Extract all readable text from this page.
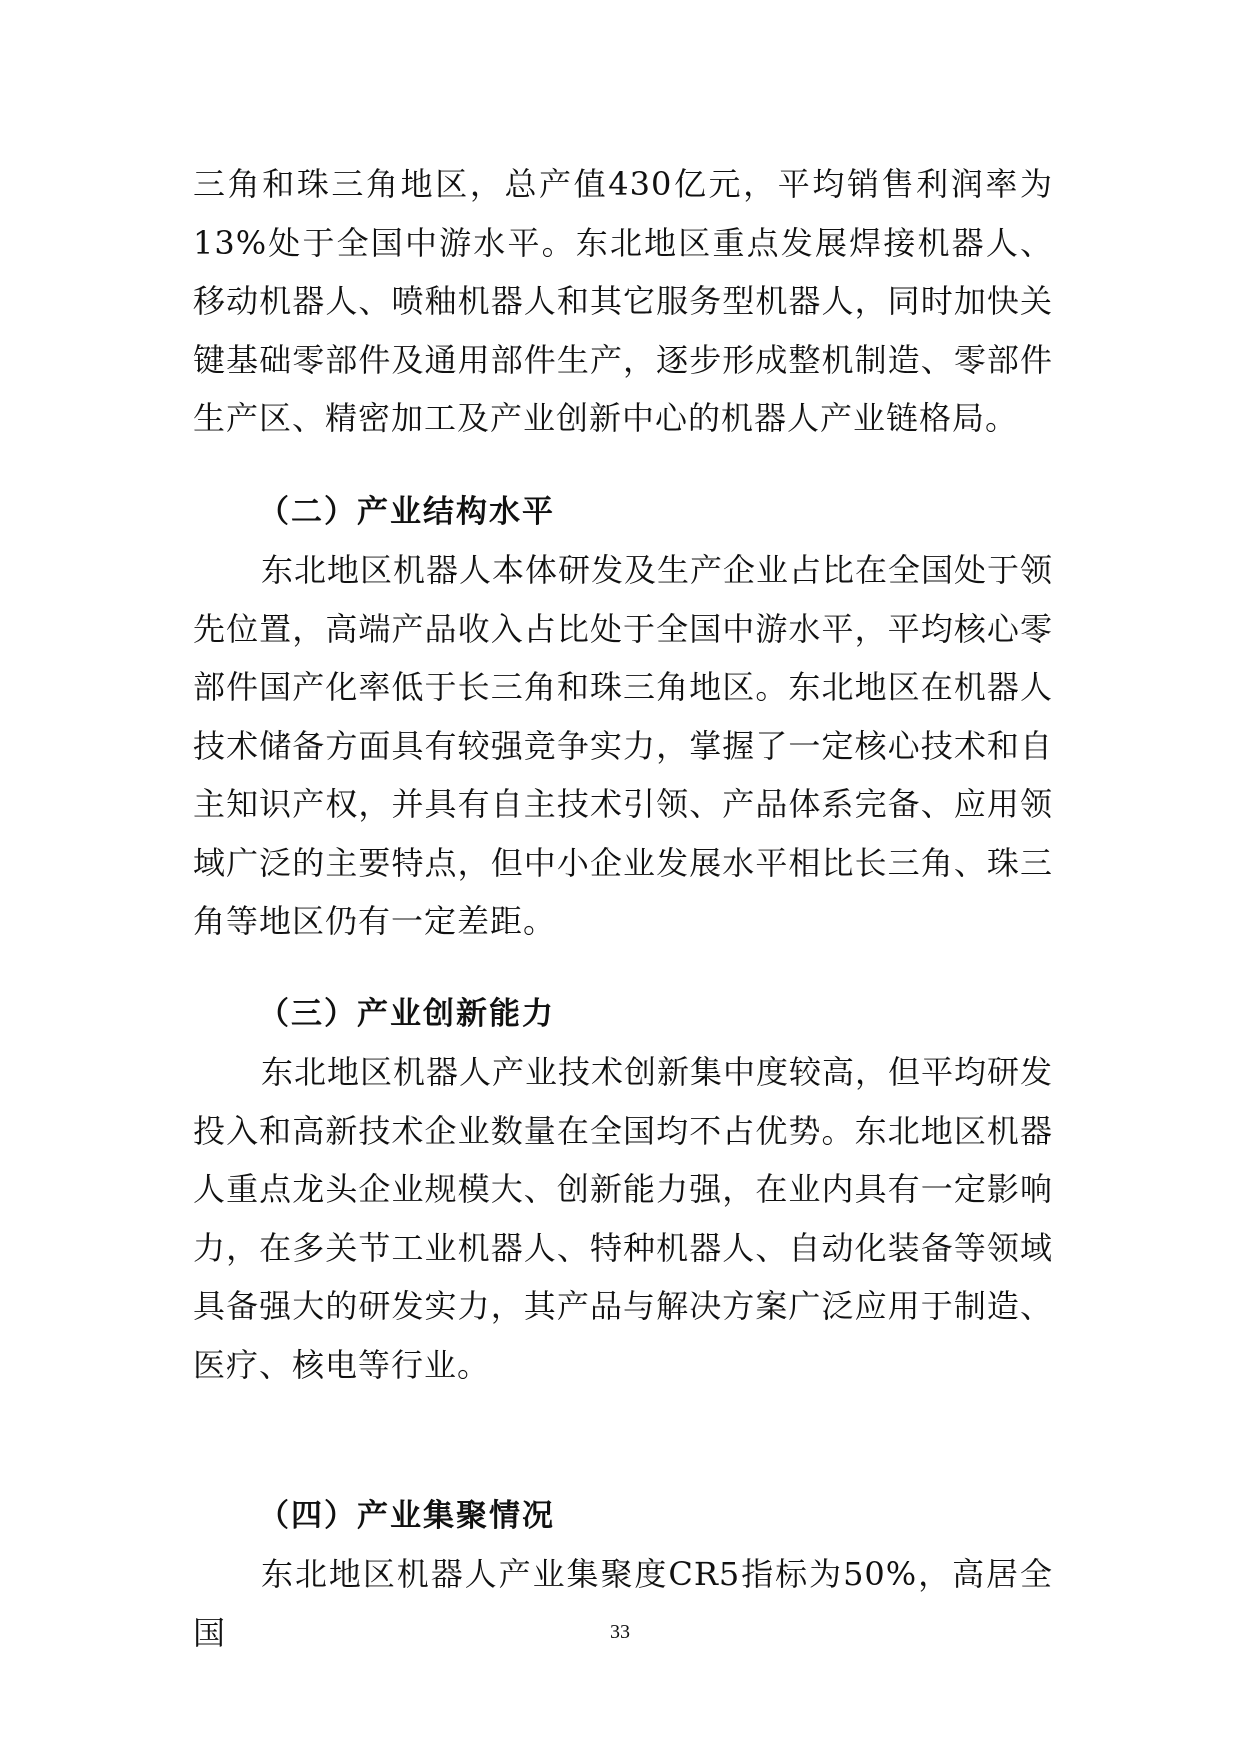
三角和珠三角地区，总产值430亿元，平均销售利润率为13%处于全国中游水平。东北地区重点发展焊接机器人、移动机器人、喷釉机器人和其它服务型机器人，同时加快关键基础零部件及通用部件生产，逐步形成整机制造、零部件生产区、精密加工及产业创新中心的机器人产业链格局。
（二）产业结构水平
东北地区机器人本体研发及生产企业占比在全国处于领先位置，高端产品收入占比处于全国中游水平，平均核心零部件国产化率低于长三角和珠三角地区。东北地区在机器人技术储备方面具有较强竞争实力，掌握了一定核心技术和自主知识产权，并具有自主技术引领、产品体系完备、应用领域广泛的主要特点，但中小企业发展水平相比长三角、珠三角等地区仍有一定差距。
（三）产业创新能力
东北地区机器人产业技术创新集中度较高，但平均研发投入和高新技术企业数量在全国均不占优势。东北地区机器人重点龙头企业规模大、创新能力强，在业内具有一定影响力，在多关节工业机器人、特种机器人、自动化装备等领域具备强大的研发实力，其产品与解决方案广泛应用于制造、医疗、核电等行业。
（四）产业集聚情况
东北地区机器人产业集聚度CR5指标为50%，高居全国	33
